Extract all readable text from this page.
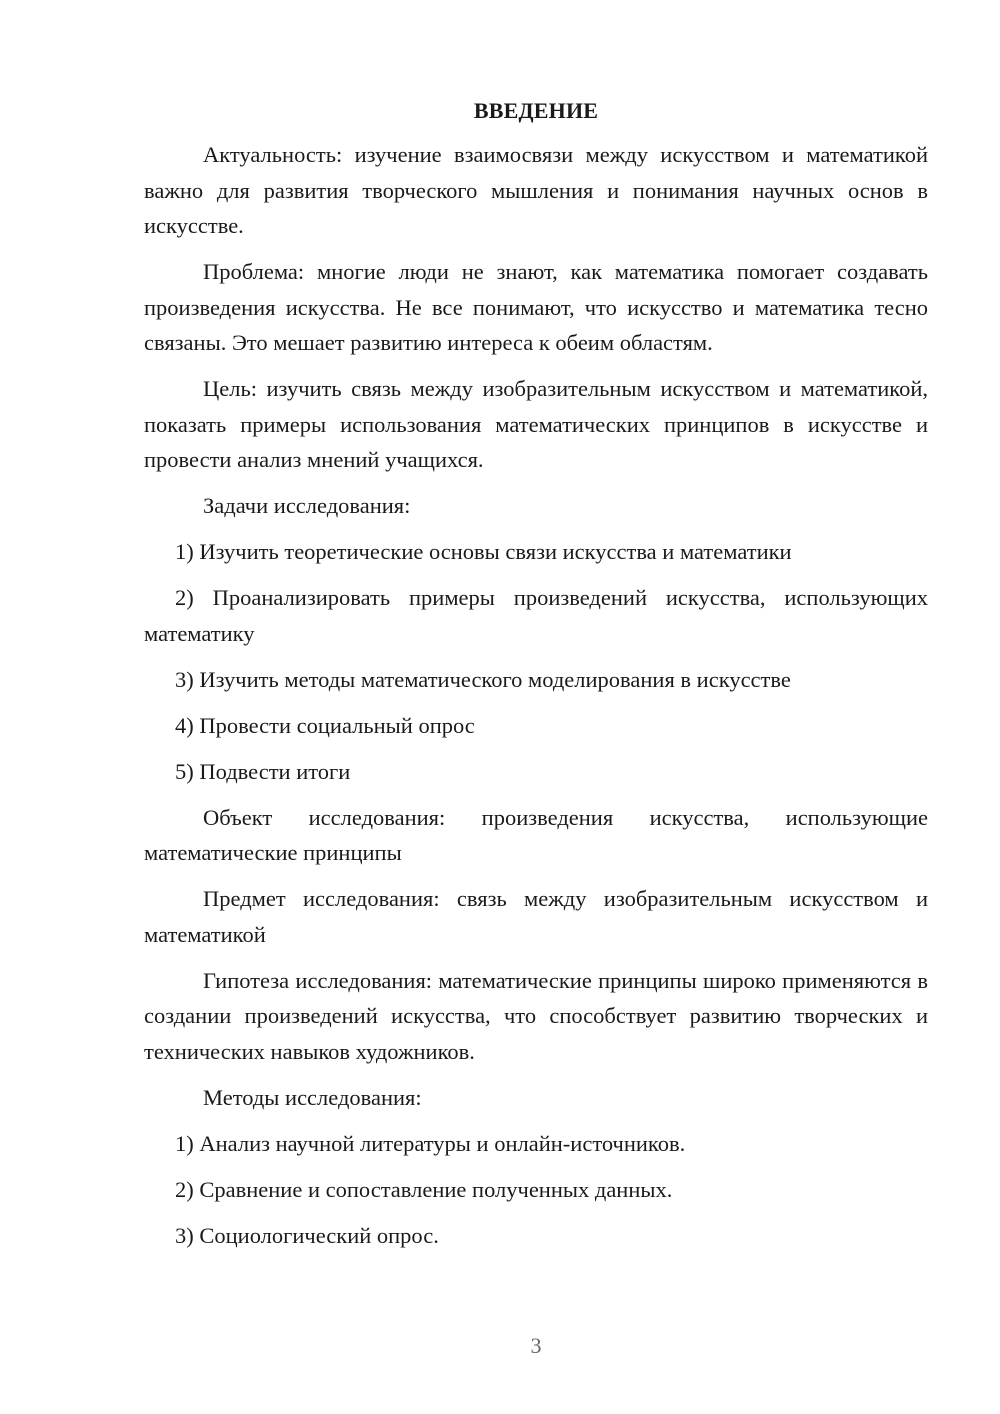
ВВЕДЕНИЕ

Актуальность: изучение взаимосвязи между искусством и математикой важно для развития творческого мышления и понимания научных основ в искусстве.

Проблема: многие люди не знают, как математика помогает создавать произведения искусства. Не все понимают, что искусство и математика тесно связаны. Это мешает развитию интереса к обеим областям.

Цель: изучить связь между изобразительным искусством и математикой, показать примеры использования математических принципов в искусстве и провести анализ мнений учащихся.

Задачи исследования:

1) Изучить теоретические основы связи искусства и математики

2) Проанализировать примеры произведений искусства, использующих математику

3) Изучить методы математического моделирования в искусстве

4) Провести социальный опрос

5) Подвести итоги

Объект исследования: произведения искусства, использующие математические принципы

Предмет исследования: связь между изобразительным искусством и математикой

Гипотеза исследования: математические принципы широко применяются в создании произведений искусства, что способствует развитию творческих и технических навыков художников.

Методы исследования:

1) Анализ научной литературы и онлайн-источников.

2) Сравнение и сопоставление полученных данных.

3) Социологический опрос.

3
